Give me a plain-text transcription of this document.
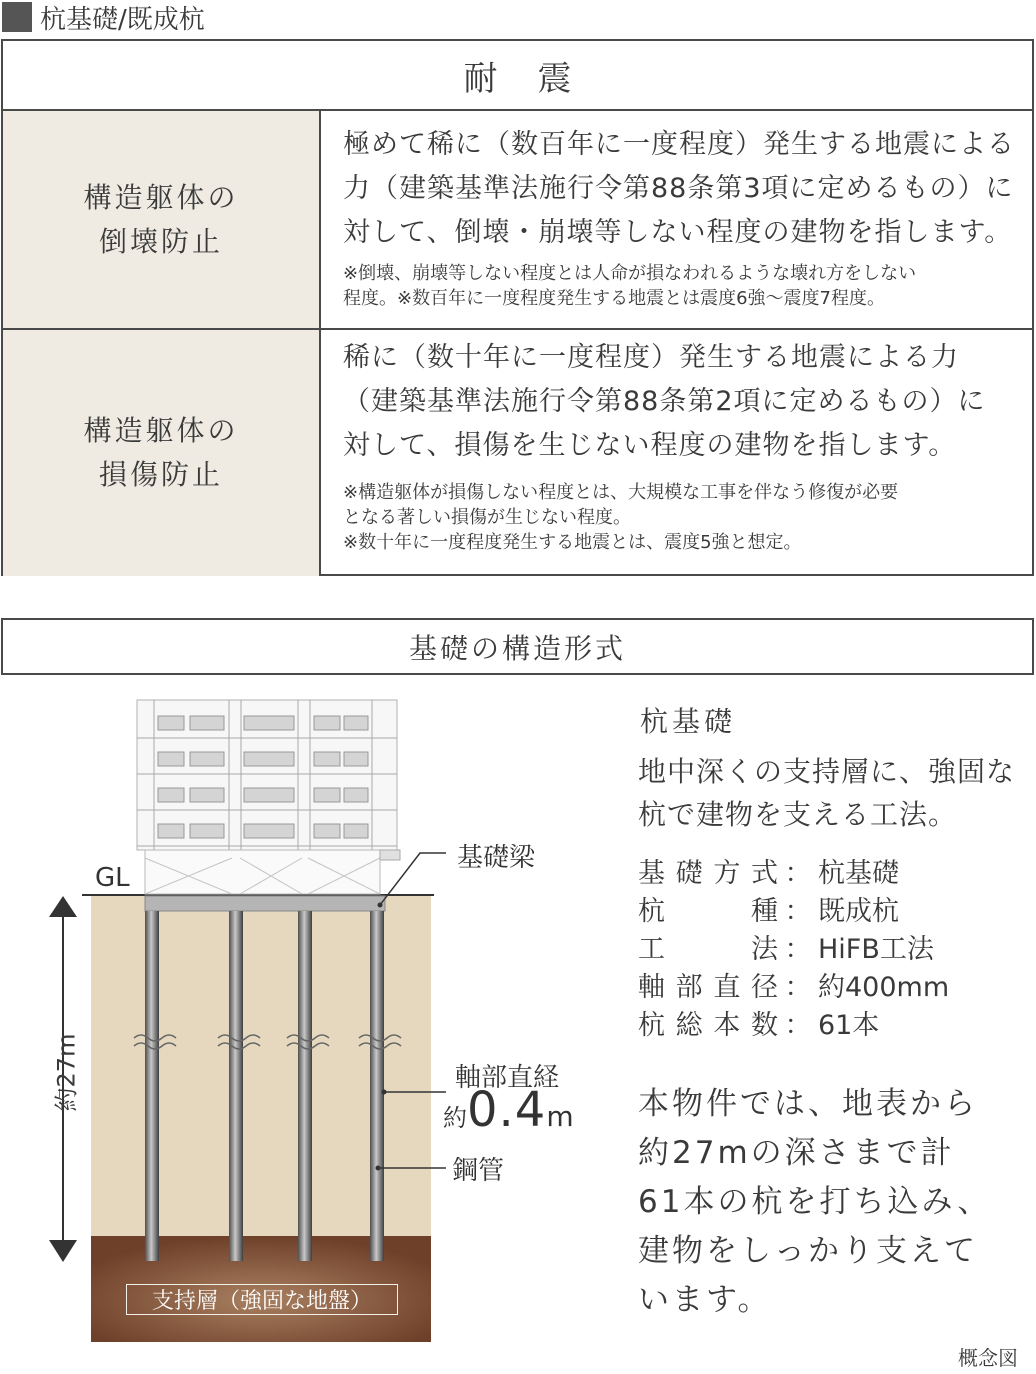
杭基礎/既成杭
耐震
構造躯体の
倒壊防止
極めて稀に（数百年に一度程度）発生する地震による
力（建築基準法施行令第88条第3項に定めるもの）に
対して、倒壊・崩壊等しない程度の建物を指します。
※倒壊、崩壊等しない程度とは人命が損なわれるような壊れ方をしない
程度。※数百年に一度程度発生する地震とは震度6強～震度7程度。
構造躯体の
損傷防止
稀に（数十年に一度程度）発生する地震による力
（建築基準法施行令第88条第2項に定めるもの）に
対して、損傷を生じない程度の建物を指します。
※構造躯体が損傷しない程度とは、大規模な工事を伴なう修復が必要
となる著しい損傷が生じない程度。
※数十年に一度程度発生する地震とは、震度5強と想定。
基礎の構造形式
GL
基礎梁
軸部直経
約 0.4 m
鋼管
約27m
支持層（強固な地盤）
杭基礎
地中深くの支持層に、強固な
杭で建物を支える工法。
基 礎 方 式 ： 杭基礎
杭	種 ： 既成杭
工	法 ： HiFB工法
軸 部 直 径 ： 約400mm
杭 総 本 数 ： 61本
本物件では、地表から
約27mの深さまで計
61本の杭を打ち込み、
建物をしっかり支えて
います。
概念図
